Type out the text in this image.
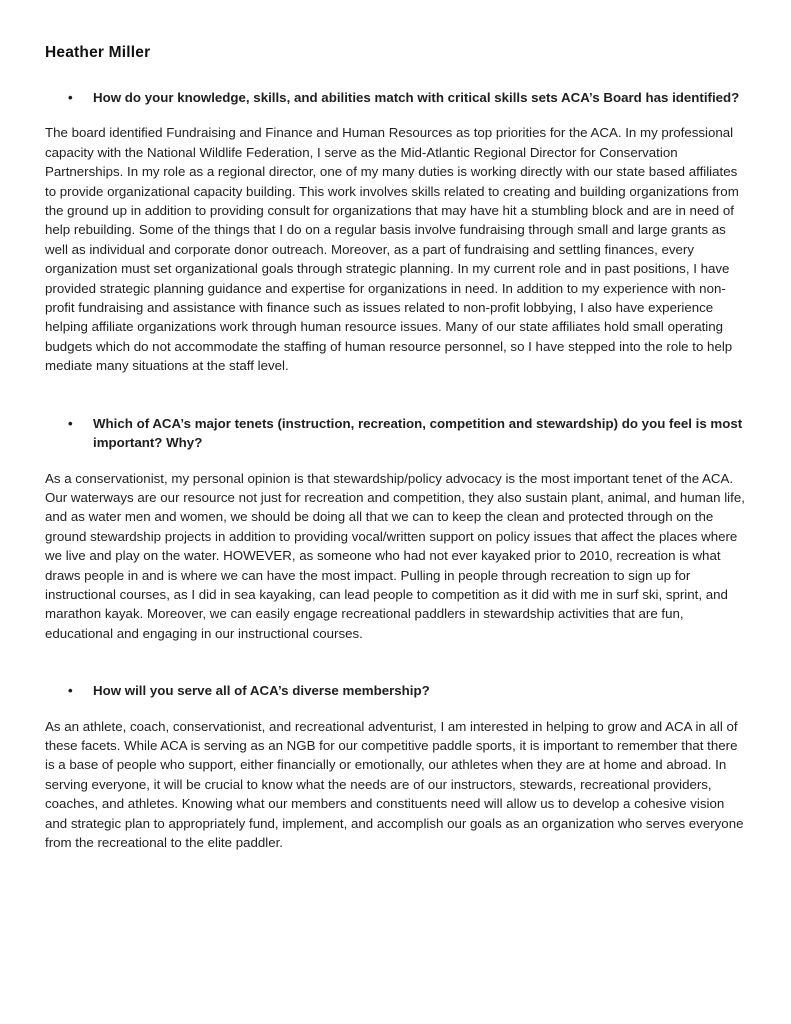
Heather Miller
•	How do your knowledge, skills, and abilities match with critical skills sets ACA’s Board has identified?

The board identified Fundraising and Finance and Human Resources as top priorities for the ACA. In my professional capacity with the National Wildlife Federation, I serve as the Mid-Atlantic Regional Director for Conservation Partnerships. In my role as a regional director, one of my many duties is working directly with our state based affiliates to provide organizational capacity building. This work involves skills related to creating and building organizations from the ground up in addition to providing consult for organizations that may have hit a stumbling block and are in need of help rebuilding. Some of the things that I do on a regular basis involve fundraising through small and large grants as well as individual and corporate donor outreach. Moreover, as a part of fundraising and settling finances, every organization must set organizational goals through strategic planning. In my current role and in past positions, I have provided strategic planning guidance and expertise for organizations in need. In addition to my experience with non-profit fundraising and assistance with finance such as issues related to non-profit lobbying, I also have experience helping affiliate organizations work through human resource issues. Many of our state affiliates hold small operating budgets which do not accommodate the staffing of human resource personnel, so I have stepped into the role to help mediate many situations at the staff level.

•	Which of ACA’s major tenets (instruction, recreation, competition and stewardship) do you feel is most important? Why?

As a conservationist, my personal opinion is that stewardship/policy advocacy is the most important tenet of the ACA. Our waterways are our resource not just for recreation and competition, they also sustain plant, animal, and human life, and as water men and women, we should be doing all that we can to keep the clean and protected through on the ground stewardship projects in addition to providing vocal/written support on policy issues that affect the places where we live and play on the water. HOWEVER, as someone who had not ever kayaked prior to 2010, recreation is what draws people in and is where we can have the most impact. Pulling in people through recreation to sign up for instructional courses, as I did in sea kayaking, can lead people to competition as it did with me in surf ski, sprint, and marathon kayak. Moreover, we can easily engage recreational paddlers in stewardship activities that are fun, educational and engaging in our instructional courses.

•	How will you serve all of ACA’s diverse membership?

As an athlete, coach, conservationist, and recreational adventurist, I am interested in helping to grow and ACA in all of these facets. While ACA is serving as an NGB for our competitive paddle sports, it is important to remember that there is a base of people who support, either financially or emotionally, our athletes when they are at home and abroad. In serving everyone, it will be crucial to know what the needs are of our instructors, stewards, recreational providers, coaches, and athletes. Knowing what our members and constituents need will allow us to develop a cohesive vision and strategic plan to appropriately fund, implement, and accomplish our goals as an organization who serves everyone from the recreational to the elite paddler.
